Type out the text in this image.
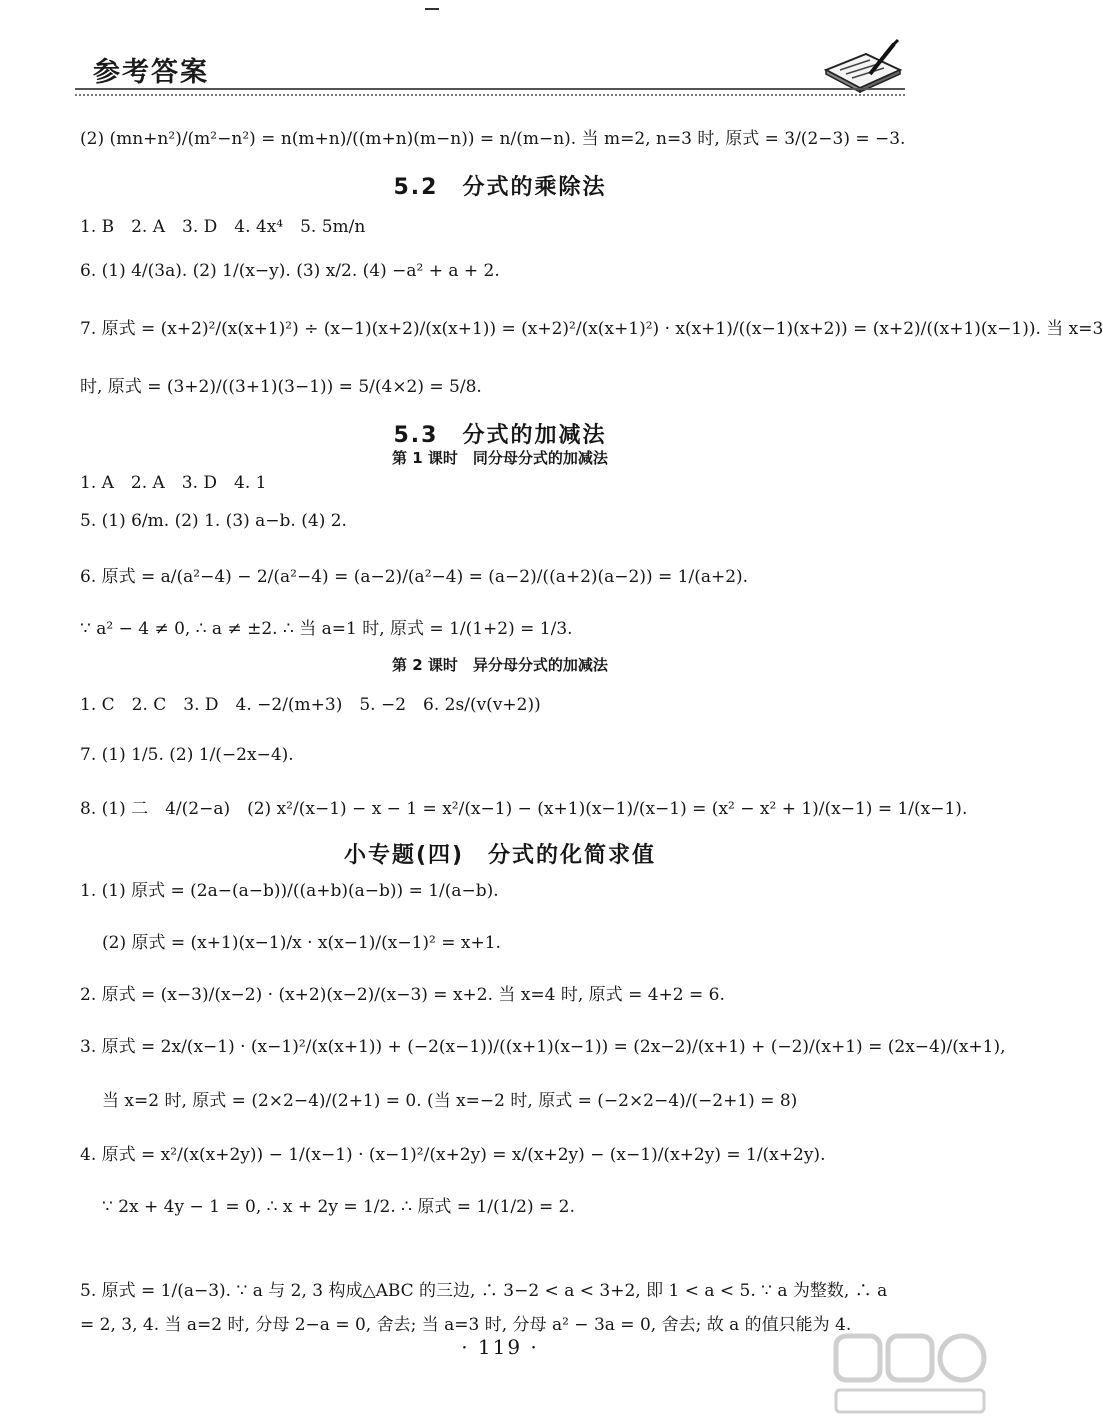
参考答案
(2) (mn+n²)/(m²−n²) = n(m+n)/((m+n)(m−n)) = n/(m−n). 当 m=2, n=3 时, 原式 = 3/(2−3) = −3.
5.2　分式的乘除法
1. B　2. A　3. D　4. 4x⁴　5. 5m/n
6. (1) 4/(3a). (2) 1/(x−y). (3) x/2. (4) −a² + a + 2.
7. 原式 = (x+2)²/(x(x+1)²) ÷ (x−1)(x+2)/(x(x+1)) = (x+2)²/(x(x+1)²) · x(x+1)/((x−1)(x+2)) = (x+2)/((x+1)(x−1)). 当 x=3
时, 原式 = (3+2)/((3+1)(3−1)) = 5/(4×2) = 5/8.
5.3　分式的加减法
第 1 课时　同分母分式的加减法
1. A　2. A　3. D　4. 1
5. (1) 6/m. (2) 1. (3) a−b. (4) 2.
6. 原式 = a/(a²−4) − 2/(a²−4) = (a−2)/(a²−4) = (a−2)/((a+2)(a−2)) = 1/(a+2).
∵ a² − 4 ≠ 0, ∴ a ≠ ±2. ∴ 当 a=1 时, 原式 = 1/(1+2) = 1/3.
第 2 课时　异分母分式的加减法
1. C　2. C　3. D　4. −2/(m+3)　5. −2　6. 2s/(v(v+2))
7. (1) 1/5. (2) 1/(−2x−4).
8. (1) 二　4/(2−a)　(2) x²/(x−1) − x − 1 = x²/(x−1) − (x+1)(x−1)/(x−1) = (x² − x² + 1)/(x−1) = 1/(x−1).
小专题(四)　分式的化简求值
1. (1) 原式 = (2a−(a−b))/((a+b)(a−b)) = 1/(a−b).
(2) 原式 = (x+1)(x−1)/x · x(x−1)/(x−1)² = x+1.
2. 原式 = (x−3)/(x−2) · (x+2)(x−2)/(x−3) = x+2. 当 x=4 时, 原式 = 4+2 = 6.
3. 原式 = 2x/(x−1) · (x−1)²/(x(x+1)) + (−2(x−1))/((x+1)(x−1)) = (2x−2)/(x+1) + (−2)/(x+1) = (2x−4)/(x+1),
当 x=2 时, 原式 = (2×2−4)/(2+1) = 0. (当 x=−2 时, 原式 = (−2×2−4)/(−2+1) = 8)
4. 原式 = x²/(x(x+2y)) − 1/(x−1) · (x−1)²/(x+2y) = x/(x+2y) − (x−1)/(x+2y) = 1/(x+2y).
∵ 2x + 4y − 1 = 0, ∴ x + 2y = 1/2. ∴ 原式 = 1/(1/2) = 2.
5. 原式 = 1/(a−3). ∵ a 与 2, 3 构成△ABC 的三边, ∴ 3−2 < a < 3+2, 即 1 < a < 5. ∵ a 为整数, ∴ a
= 2, 3, 4. 当 a=2 时, 分母 2−a = 0, 舍去; 当 a=3 时, 分母 a² − 3a = 0, 舍去; 故 a 的值只能为 4.
· 119 ·
